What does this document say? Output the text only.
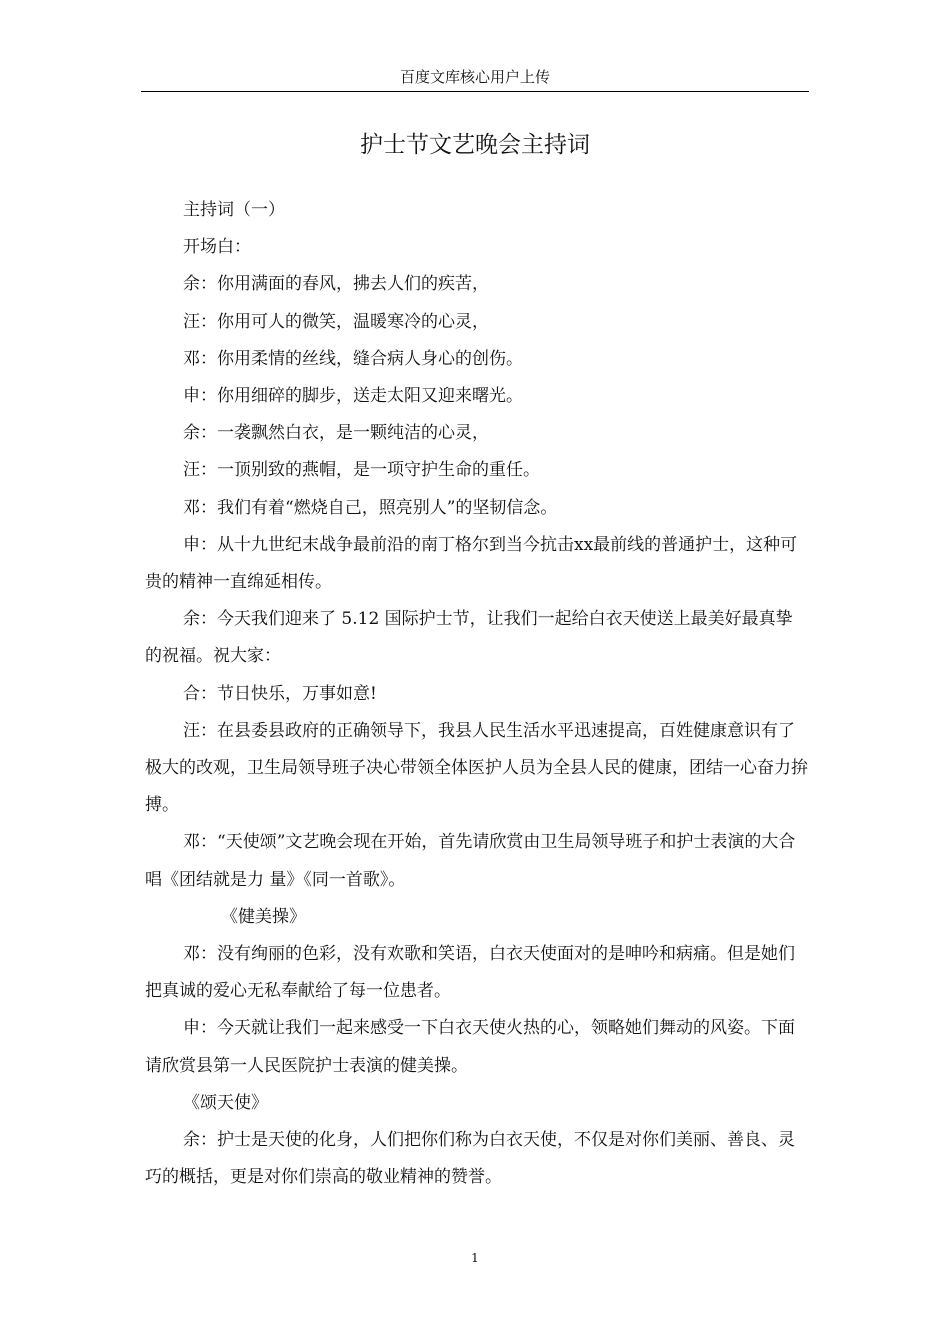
百度文库核心用户上传
护士节文艺晚会主持词

主持词（一）

开场白：

余：你用满面的春风，拂去人们的疾苦，

汪：你用可人的微笑，温暖寒冷的心灵，

邓：你用柔情的丝线，缝合病人身心的创伤。

申：你用细碎的脚步，送走太阳又迎来曙光。

余：一袭飘然白衣，是一颗纯洁的心灵，

汪：一顶别致的燕帽，是一项守护生命的重任。

邓：我们有着“燃烧自己，照亮别人”的坚韧信念。

申：从十九世纪末战争最前沿的南丁格尔到当今抗击xx最前线的普通护士，这种可贵的精神一直绵延相传。

余：今天我们迎来了 5.12 国际护士节，让我们一起给白衣天使送上最美好最真挚的祝福。祝大家：

合：节日快乐，万事如意!

汪：在县委县政府的正确领导下，我县人民生活水平迅速提高，百姓健康意识有了极大的改观，卫生局领导班子决心带领全体医护人员为全县人民的健康，团结一心奋力拚搏。

邓：“天使颂”文艺晚会现在开始，首先请欣赏由卫生局领导班子和护士表演的大合唱《团结就是力 量》《同一首歌》。

《健美操》

邓：没有绚丽的色彩，没有欢歌和笑语，白衣天使面对的是呻吟和病痛。但是她们把真诚的爱心无私奉献给了每一位患者。

申：今天就让我们一起来感受一下白衣天使火热的心，领略她们舞动的风姿。下面请欣赏县第一人民医院护士表演的健美操。

《颂天使》

余：护士是天使的化身，人们把你们称为白衣天使，不仅是对你们美丽、善良、灵巧的概括，更是对你们崇高的敬业精神的赞誉。

1
